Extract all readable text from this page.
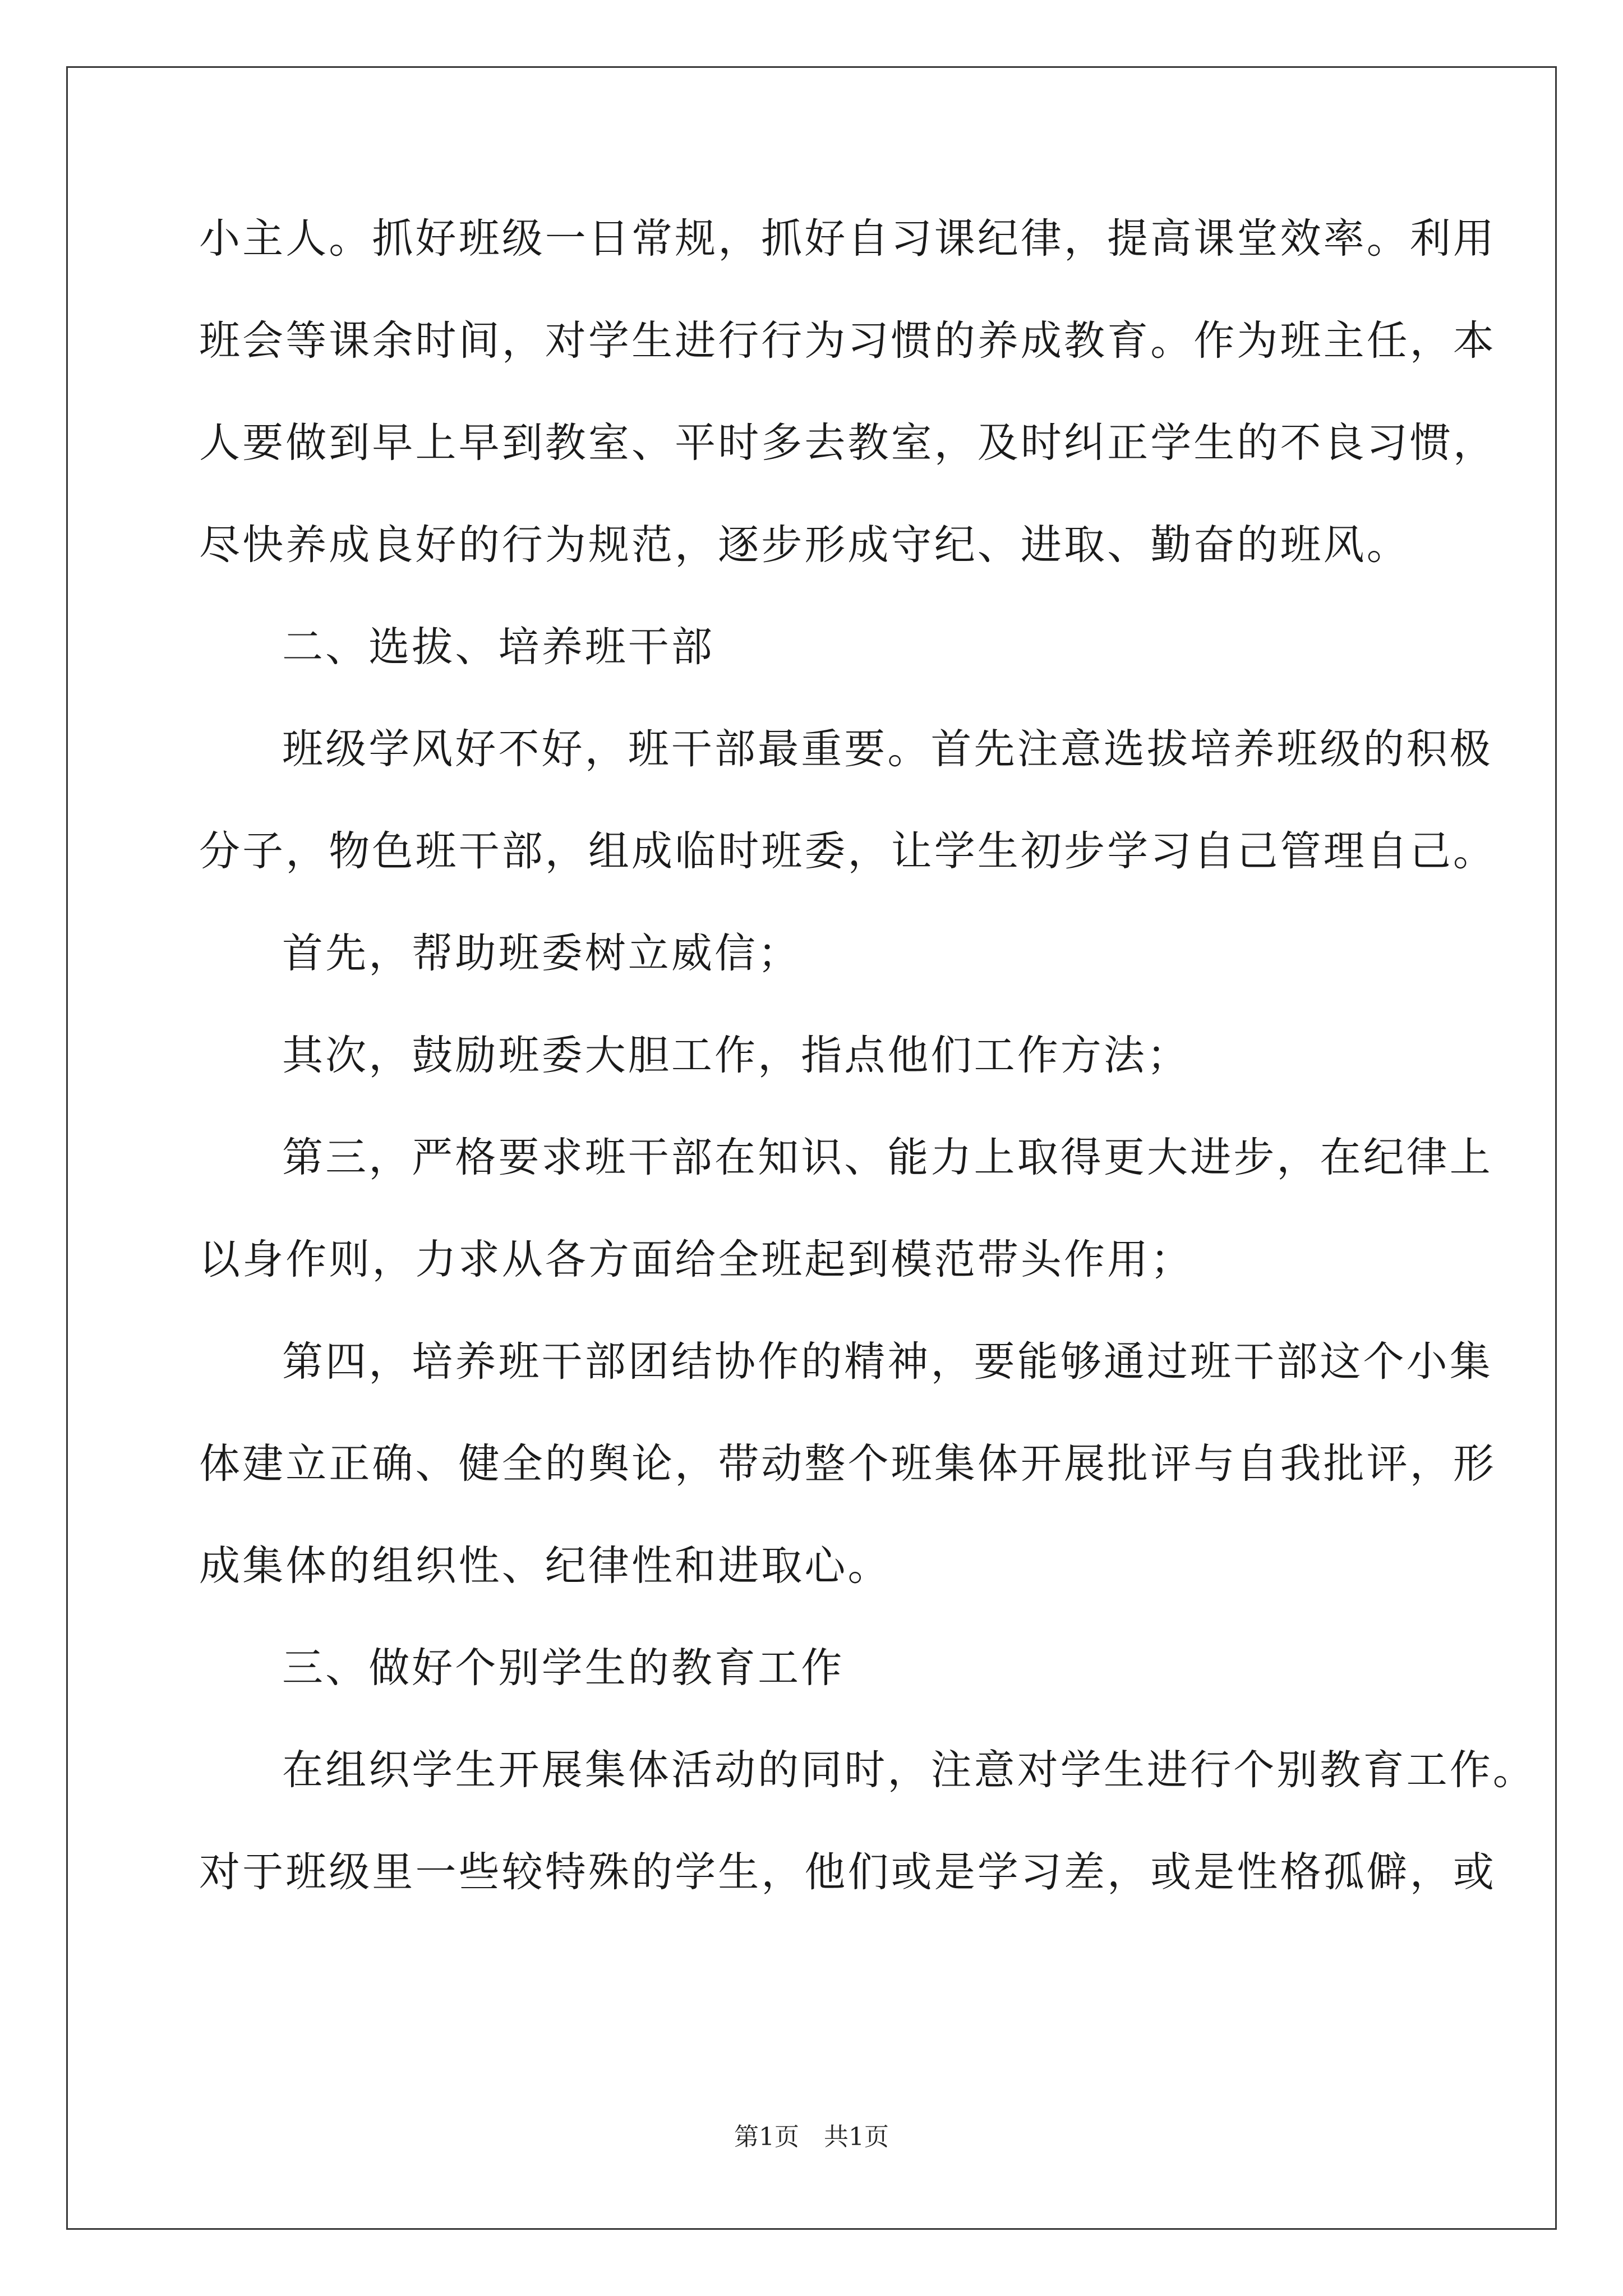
小主人。抓好班级一日常规，抓好自习课纪律，提高课堂效率。利用
班会等课余时间，对学生进行行为习惯的养成教育。作为班主任，本
人要做到早上早到教室、平时多去教室，及时纠正学生的不良习惯，
尽快养成良好的行为规范，逐步形成守纪、进取、勤奋的班风。
二、选拔、培养班干部
班级学风好不好，班干部最重要。首先注意选拔培养班级的积极
分子，物色班干部，组成临时班委，让学生初步学习自己管理自己。
首先，帮助班委树立威信；
其次，鼓励班委大胆工作，指点他们工作方法；
第三，严格要求班干部在知识、能力上取得更大进步，在纪律上
以身作则，力求从各方面给全班起到模范带头作用；
第四，培养班干部团结协作的精神，要能够通过班干部这个小集
体建立正确、健全的舆论，带动整个班集体开展批评与自我批评，形
成集体的组织性、纪律性和进取心。
三、做好个别学生的教育工作
在组织学生开展集体活动的同时，注意对学生进行个别教育工作。
对于班级里一些较特殊的学生，他们或是学习差，或是性格孤僻，或
第1页　共1页
